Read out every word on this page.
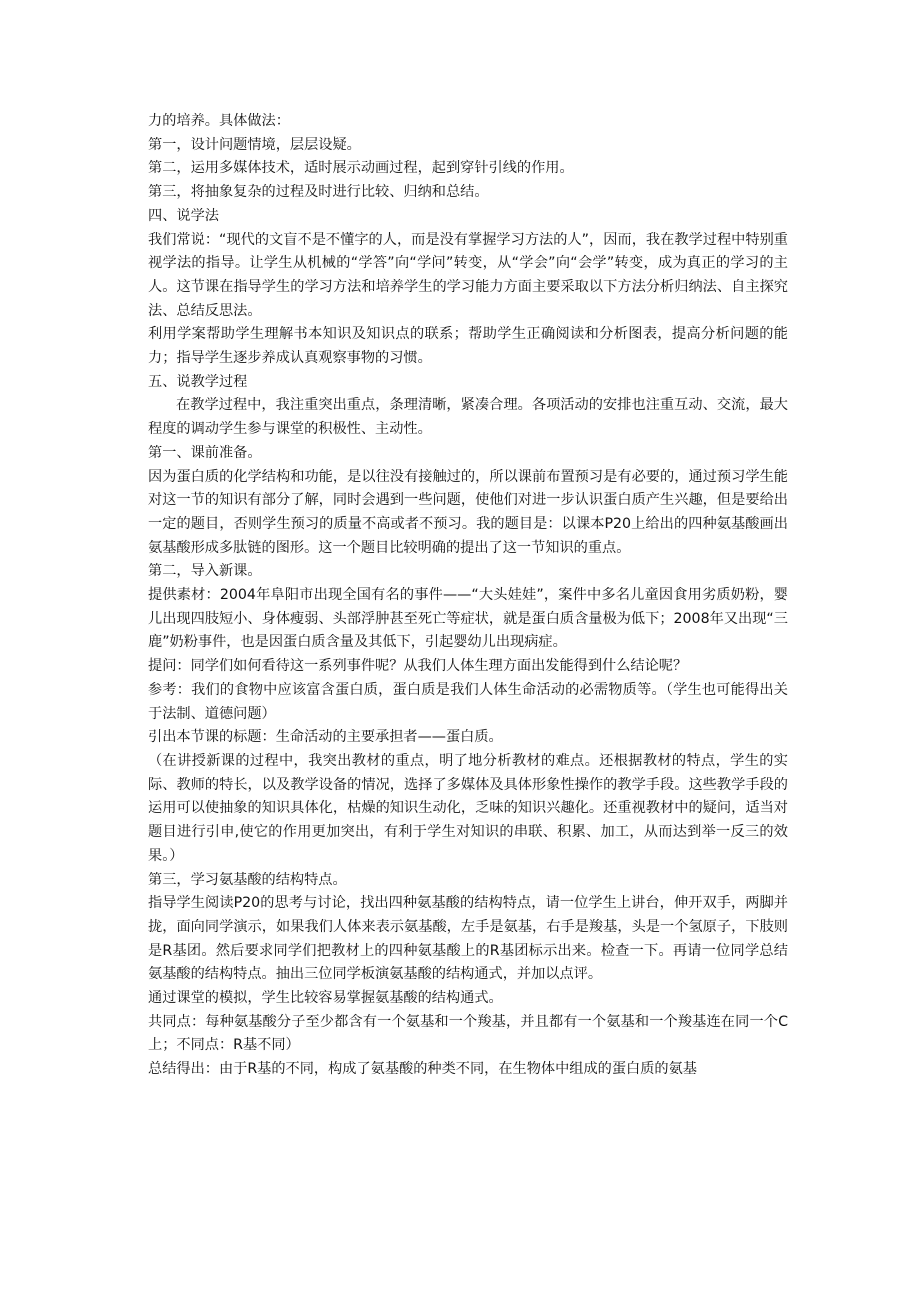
力的培养。具体做法：

第一，设计问题情境，层层设疑。

第二，运用多媒体技术，适时展示动画过程，起到穿针引线的作用。

第三，将抽象复杂的过程及时进行比较、归纳和总结。

四、说学法

我们常说：“现代的文盲不是不懂字的人，而是没有掌握学习方法的人”，因而，我在教学过程中特别重视学法的指导。让学生从机械的“学答”向“学问”转变，从“学会”向“会学”转变，成为真正的学习的主人。这节课在指导学生的学习方法和培养学生的学习能力方面主要采取以下方法分析归纳法、自主探究法、总结反思法。

利用学案帮助学生理解书本知识及知识点的联系；帮助学生正确阅读和分析图表，提高分析问题的能力；指导学生逐步养成认真观察事物的习惯。

五、说教学过程

在教学过程中，我注重突出重点，条理清晰，紧凑合理。各项活动的安排也注重互动、交流，最大程度的调动学生参与课堂的积极性、主动性。

第一、课前准备。

因为蛋白质的化学结构和功能，是以往没有接触过的，所以课前布置预习是有必要的，通过预习学生能对这一节的知识有部分了解，同时会遇到一些问题，使他们对进一步认识蛋白质产生兴趣，但是要给出一定的题目，否则学生预习的质量不高或者不预习。我的题目是：以课本P20上给出的四种氨基酸画出氨基酸形成多肽链的图形。这一个题目比较明确的提出了这一节知识的重点。

第二，导入新课。

提供素材：2004年阜阳市出现全国有名的事件——“大头娃娃”，案件中多名儿童因食用劣质奶粉，婴儿出现四肢短小、身体瘦弱、头部浮肿甚至死亡等症状，就是蛋白质含量极为低下；2008年又出现“三鹿”奶粉事件，也是因蛋白质含量及其低下，引起婴幼儿出现病症。

提问：同学们如何看待这一系列事件呢？从我们人体生理方面出发能得到什么结论呢？

参考：我们的食物中应该富含蛋白质，蛋白质是我们人体生命活动的必需物质等。（学生也可能得出关于法制、道德问题）

引出本节课的标题：生命活动的主要承担者——蛋白质。

（在讲授新课的过程中，我突出教材的重点，明了地分析教材的难点。还根据教材的特点，学生的实际、教师的特长，以及教学设备的情况，选择了多媒体及具体形象性操作的教学手段。这些教学手段的运用可以使抽象的知识具体化，枯燥的知识生动化，乏味的知识兴趣化。还重视教材中的疑问，适当对题目进行引申,使它的作用更加突出，有利于学生对知识的串联、积累、加工，从而达到举一反三的效果。）

第三，学习氨基酸的结构特点。

指导学生阅读P20的思考与讨论，找出四种氨基酸的结构特点，请一位学生上讲台，伸开双手，两脚并拢，面向同学演示，如果我们人体来表示氨基酸，左手是氨基，右手是羧基，头是一个氢原子，下肢则是R基团。然后要求同学们把教材上的四种氨基酸上的R基团标示出来。检查一下。再请一位同学总结氨基酸的结构特点。抽出三位同学板演氨基酸的结构通式，并加以点评。

通过课堂的模拟，学生比较容易掌握氨基酸的结构通式。

共同点：每种氨基酸分子至少都含有一个氨基和一个羧基，并且都有一个氨基和一个羧基连在同一个C上；不同点：R基不同）

总结得出：由于R基的不同，构成了氨基酸的种类不同，在生物体中组成的蛋白质的氨基
